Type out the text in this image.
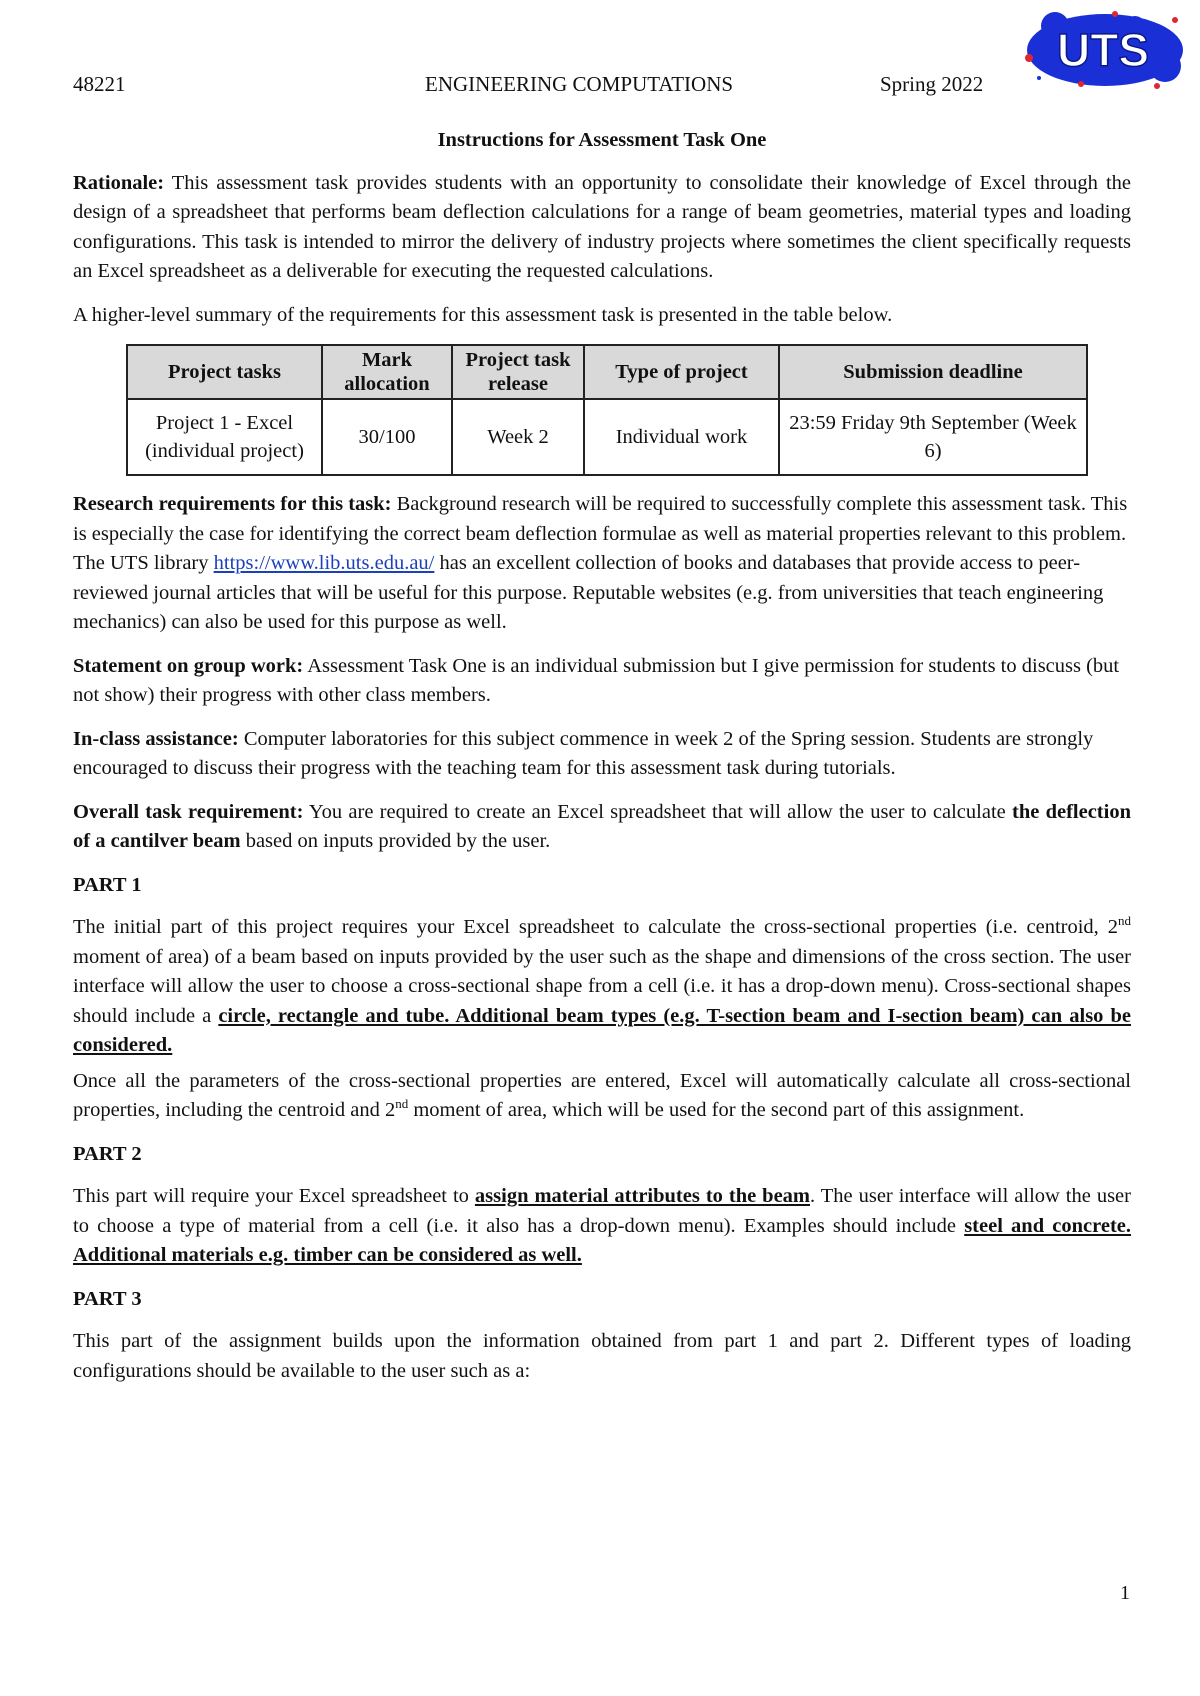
48221	ENGINEERING COMPUTATIONS	Spring 2022
UTS
Instructions for Assessment Task One

Rationale: This assessment task provides students with an opportunity to consolidate their knowledge of Excel through the design of a spreadsheet that performs beam deflection calculations for a range of beam geometries, material types and loading configurations. This task is intended to mirror the delivery of industry projects where sometimes the client specifically requests an Excel spreadsheet as a deliverable for executing the requested calculations.

A higher-level summary of the requirements for this assessment task is presented in the table below.

Project tasks	Mark allocation	Project task release	Type of project	Submission deadline
Project 1 - Excel (individual project)	30/100	Week 2	Individual work	23:59 Friday 9th September (Week 6)

Research requirements for this task: Background research will be required to successfully complete this assessment task. This is especially the case for identifying the correct beam deflection formulae as well as material properties relevant to this problem. The UTS library https://www.lib.uts.edu.au/ has an excellent collection of books and databases that provide access to peer-reviewed journal articles that will be useful for this purpose. Reputable websites (e.g. from universities that teach engineering mechanics) can also be used for this purpose as well.

Statement on group work: Assessment Task One is an individual submission but I give permission for students to discuss (but not show) their progress with other class members.

In-class assistance: Computer laboratories for this subject commence in week 2 of the Spring session. Students are strongly encouraged to discuss their progress with the teaching team for this assessment task during tutorials.

Overall task requirement: You are required to create an Excel spreadsheet that will allow the user to calculate the deflection of a cantilver beam based on inputs provided by the user.

PART 1

The initial part of this project requires your Excel spreadsheet to calculate the cross-sectional properties (i.e. centroid, 2nd moment of area) of a beam based on inputs provided by the user such as the shape and dimensions of the cross section. The user interface will allow the user to choose a cross-sectional shape from a cell (i.e. it has a drop-down menu). Cross-sectional shapes should include a circle, rectangle and tube. Additional beam types (e.g. T-section beam and I-section beam) can also be considered.

Once all the parameters of the cross-sectional properties are entered, Excel will automatically calculate all cross-sectional properties, including the centroid and 2nd moment of area, which will be used for the second part of this assignment.

PART 2

This part will require your Excel spreadsheet to assign material attributes to the beam. The user interface will allow the user to choose a type of material from a cell (i.e. it also has a drop-down menu). Examples should include steel and concrete. Additional materials e.g. timber can be considered as well.

PART 3

This part of the assignment builds upon the information obtained from part 1 and part 2. Different types of loading configurations should be available to the user such as a:

1
